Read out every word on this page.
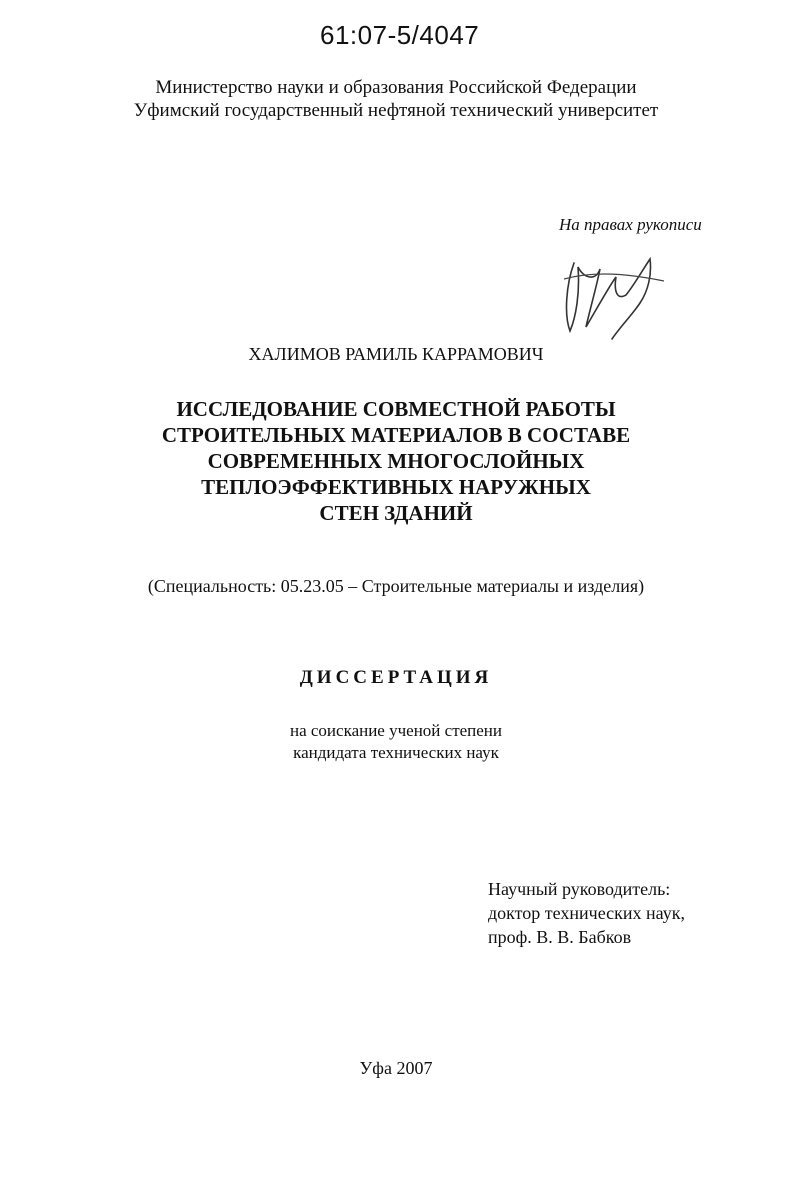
61:07-5/4047
Министерство науки и образования Российской Федерации
Уфимский государственный нефтяной технический университет
На правах рукописи
ХАЛИМОВ РАМИЛЬ КАРРАМОВИЧ
ИССЛЕДОВАНИЕ СОВМЕСТНОЙ РАБОТЫ
СТРОИТЕЛЬНЫХ МАТЕРИАЛОВ В СОСТАВЕ
СОВРЕМЕННЫХ МНОГОСЛОЙНЫХ
ТЕПЛОЭФФЕКТИВНЫХ НАРУЖНЫХ
СТЕН ЗДАНИЙ
(Специальность: 05.23.05 – Строительные материалы и изделия)
ДИССЕРТАЦИЯ
на соискание ученой степени
кандидата технических наук
Научный руководитель:
доктор технических наук,
проф. В. В. Бабков
Уфа 2007
